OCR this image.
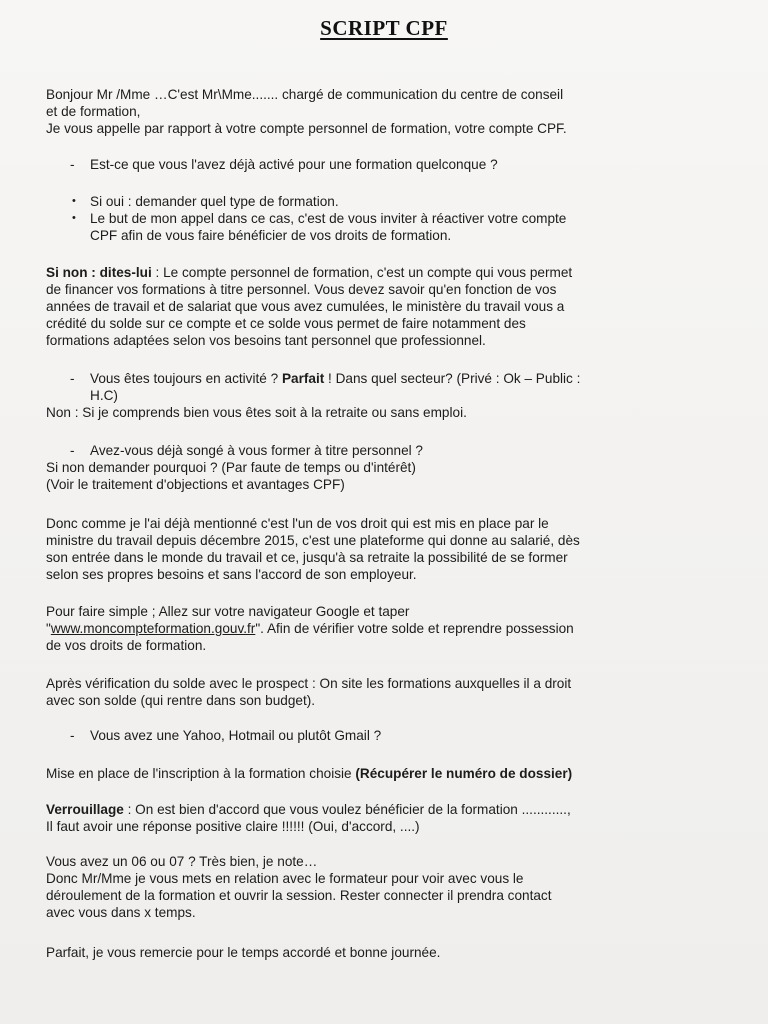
SCRIPT CPF

Bonjour Mr /Mme …C'est Mr\Mme....... chargé de communication du centre de conseil

et de formation,

Je vous appelle par rapport à votre compte personnel de formation, votre compte CPF.

- Est-ce que vous l'avez déjà activé pour une formation quelconque ?
• Si oui : demander quel type de formation.
• Le but de mon appel dans ce cas, c'est de vous inviter à réactiver votre compte

CPF afin de vous faire bénéficier de vos droits de formation.

Si non : dites-lui : Le compte personnel de formation, c'est un compte qui vous permet

de financer vos formations à titre personnel. Vous devez savoir qu'en fonction de vos

années de travail et de salariat que vous avez cumulées, le ministère du travail vous a

crédité du solde sur ce compte et ce solde vous permet de faire notamment des

formations adaptées selon vos besoins tant personnel que professionnel.

- Vous êtes toujours en activité ? Parfait ! Dans quel secteur? (Privé : Ok – Public :

H.C)

Non : Si je comprends bien vous êtes soit à la retraite ou sans emploi.

- Avez-vous déjà songé à vous former à titre personnel ?

Si non demander pourquoi ? (Par faute de temps ou d'intérêt)

(Voir le traitement d'objections et avantages CPF)

Donc comme je l'ai déjà mentionné c'est l'un de vos droit qui est mis en place par le

ministre du travail depuis décembre 2015, c'est une plateforme qui donne au salarié, dès

son entrée dans le monde du travail et ce, jusqu'à sa retraite la possibilité de se former

selon ses propres besoins et sans l'accord de son employeur.

Pour faire simple ; Allez sur votre navigateur Google et taper

"www.moncompteformation.gouv.fr". Afin de vérifier votre solde et reprendre possession

de vos droits de formation.

Après vérification du solde avec le prospect : On site les formations auxquelles il a droit

avec son solde (qui rentre dans son budget).

- Vous avez une Yahoo, Hotmail ou plutôt Gmail ?

Mise en place de l'inscription à la formation choisie (Récupérer le numéro de dossier)

Verrouillage : On est bien d'accord que vous voulez bénéficier de la formation ............,

Il faut avoir une réponse positive claire !!!!!! (Oui, d'accord, ....)

Vous avez un 06 ou 07 ? Très bien, je note…

Donc Mr/Mme je vous mets en relation avec le formateur pour voir avec vous le

déroulement de la formation et ouvrir la session. Rester connecter il prendra contact

avec vous dans x temps.

Parfait, je vous remercie pour le temps accordé et bonne journée.
